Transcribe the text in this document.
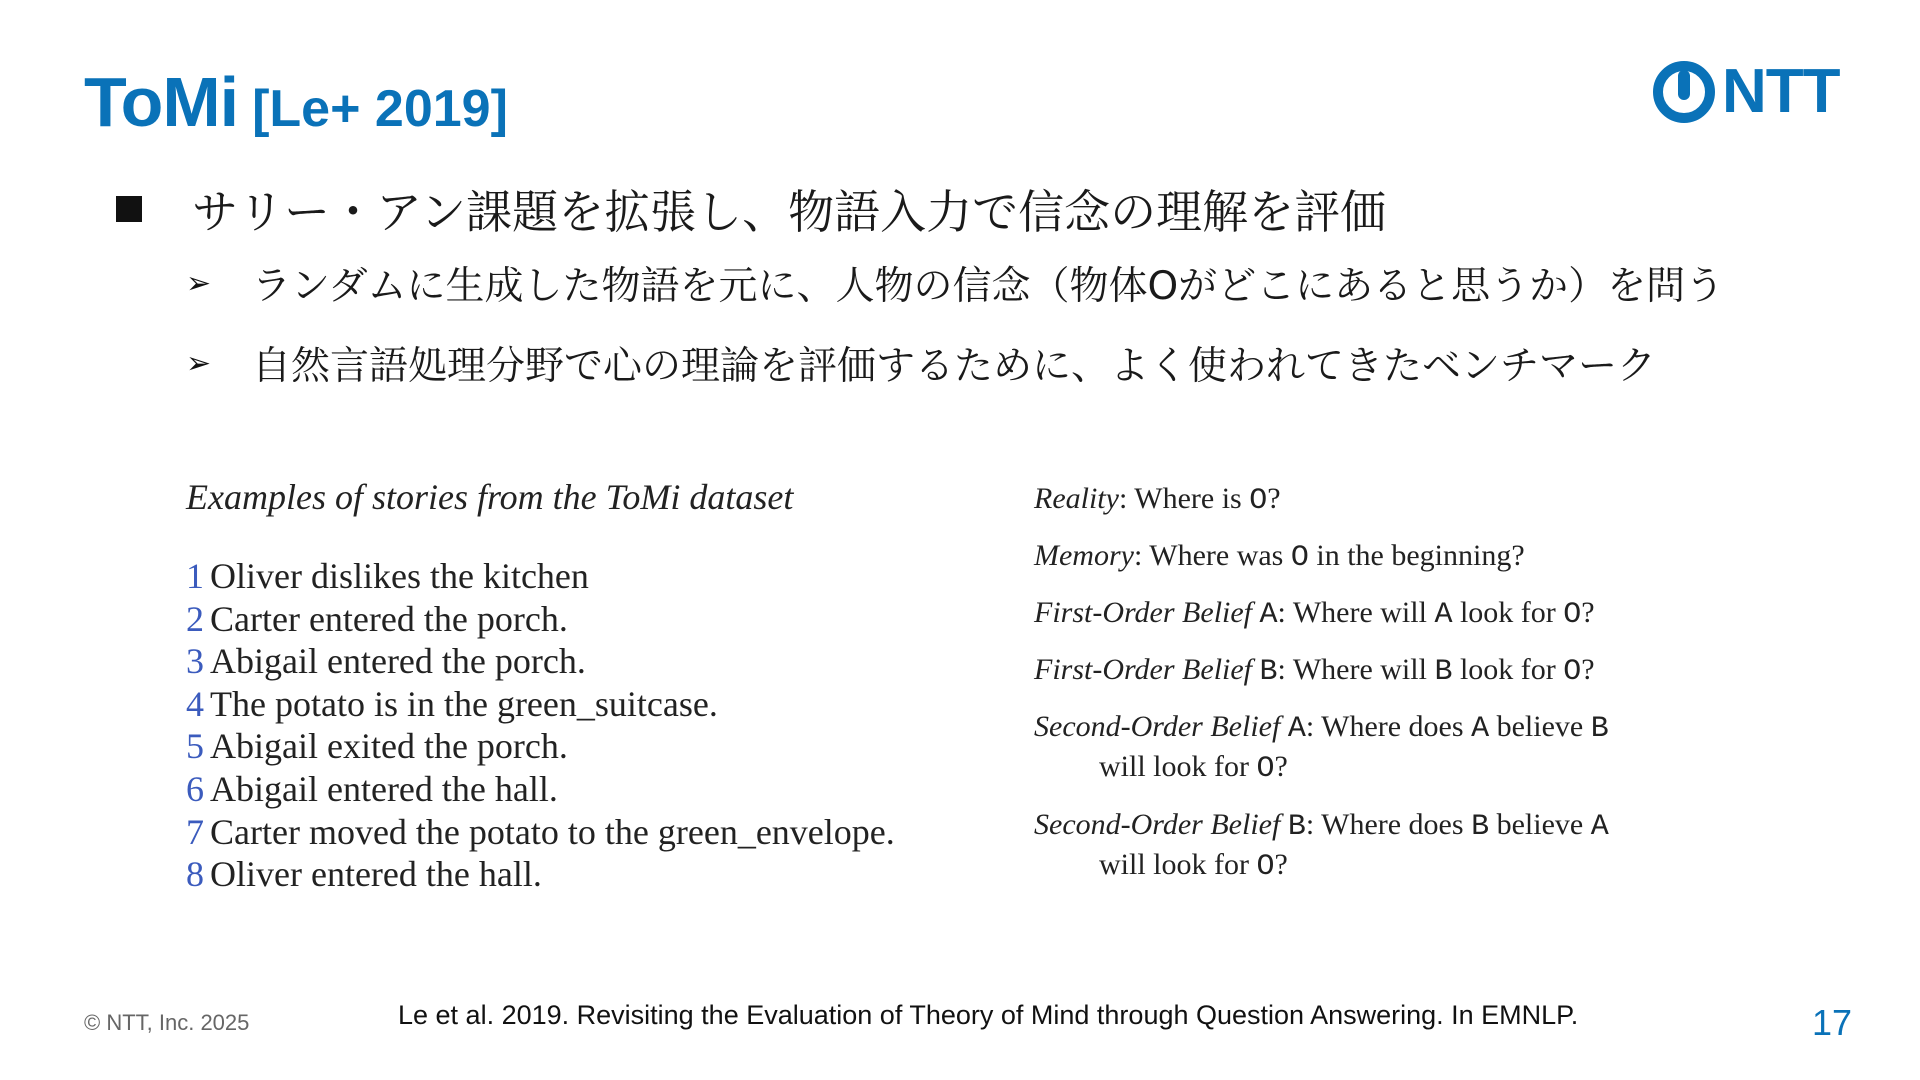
ToMi [Le+ 2019]	NTT
サリー・アン課題を拡張し、物語入力で信念の理解を評価
➢	ランダムに生成した物語を元に、人物の信念（物体Oがどこにあると思うか）を問う
➢	自然言語処理分野で心の理論を評価するために、よく使われてきたベンチマーク
Examples of stories from the ToMi dataset
1 Oliver dislikes the kitchen
2 Carter entered the porch.
3 Abigail entered the porch.
4 The potato is in the green_suitcase.
5 Abigail exited the porch.
6 Abigail entered the hall.
7 Carter moved the potato to the green_envelope.
8 Oliver entered the hall.
Reality: Where is O?
Memory: Where was O in the beginning?
First-Order Belief A: Where will A look for O?
First-Order Belief B: Where will B look for O?
Second-Order Belief A: Where does A believe B
will look for O?
Second-Order Belief B: Where does B believe A
will look for O?
© NTT, Inc. 2025	Le et al. 2019. Revisiting the Evaluation of Theory of Mind through Question Answering. In EMNLP.	17
